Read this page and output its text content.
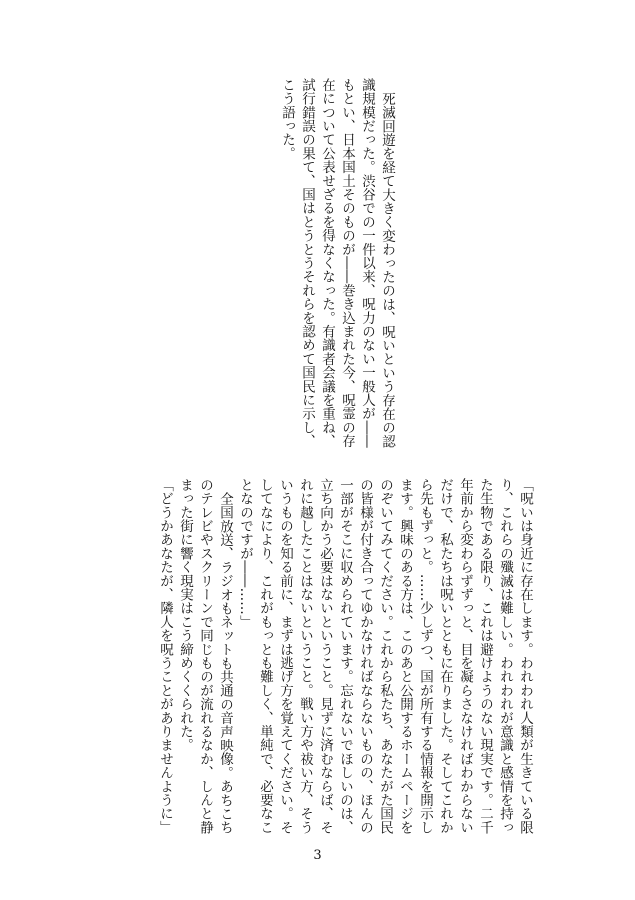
死滅回遊を経て大きく変わったのは、呪いという存在の認識規模だった。渋谷での一件以来、呪力のない一般人が――もとい、日本国土そのものが――巻き込まれた今、呪霊の存在について公表せざるを得なくなった。有識者会議を重ね、試行錯誤の果て、国はとうとうそれらを認めて国民に示し、こう語った。

「呪いは身近に存在します。われわれ人類が生きている限り、これらの殲滅は難しい。われわれが意識と感情を持った生物である限り、これは避けようのない現実です。二千年前から変わらずずっと、目を凝らさなければわからないだけで、私たちは呪いとともに在りました。そしてこれから先もずっと。……少しずつ、国が所有する情報を開示します。興味のある方は、このあと公開するホームページをのぞいてみてください。これから私たち、あなたがた国民の皆様が付き合ってゆかなければならないものの、ほんの一部がそこに収められています。忘れないでほしいのは、立ち向かう必要はないということ。見ずに済むならば、それに越したことはないということ。戦い方や祓い方、そういうものを知る前に、まずは逃げ方を覚えてください。そしてなにより、これがもっとも難しく、単純で、必要なことなのですが――……」

全国放送、ラジオもネットも共通の音声映像。あちこちのテレビやスクリーンで同じものが流れるなか、しんと静まった街に響く現実はこう締めくくられた。

「どうかあなたが、隣人を呪うことがありませんように」

3
